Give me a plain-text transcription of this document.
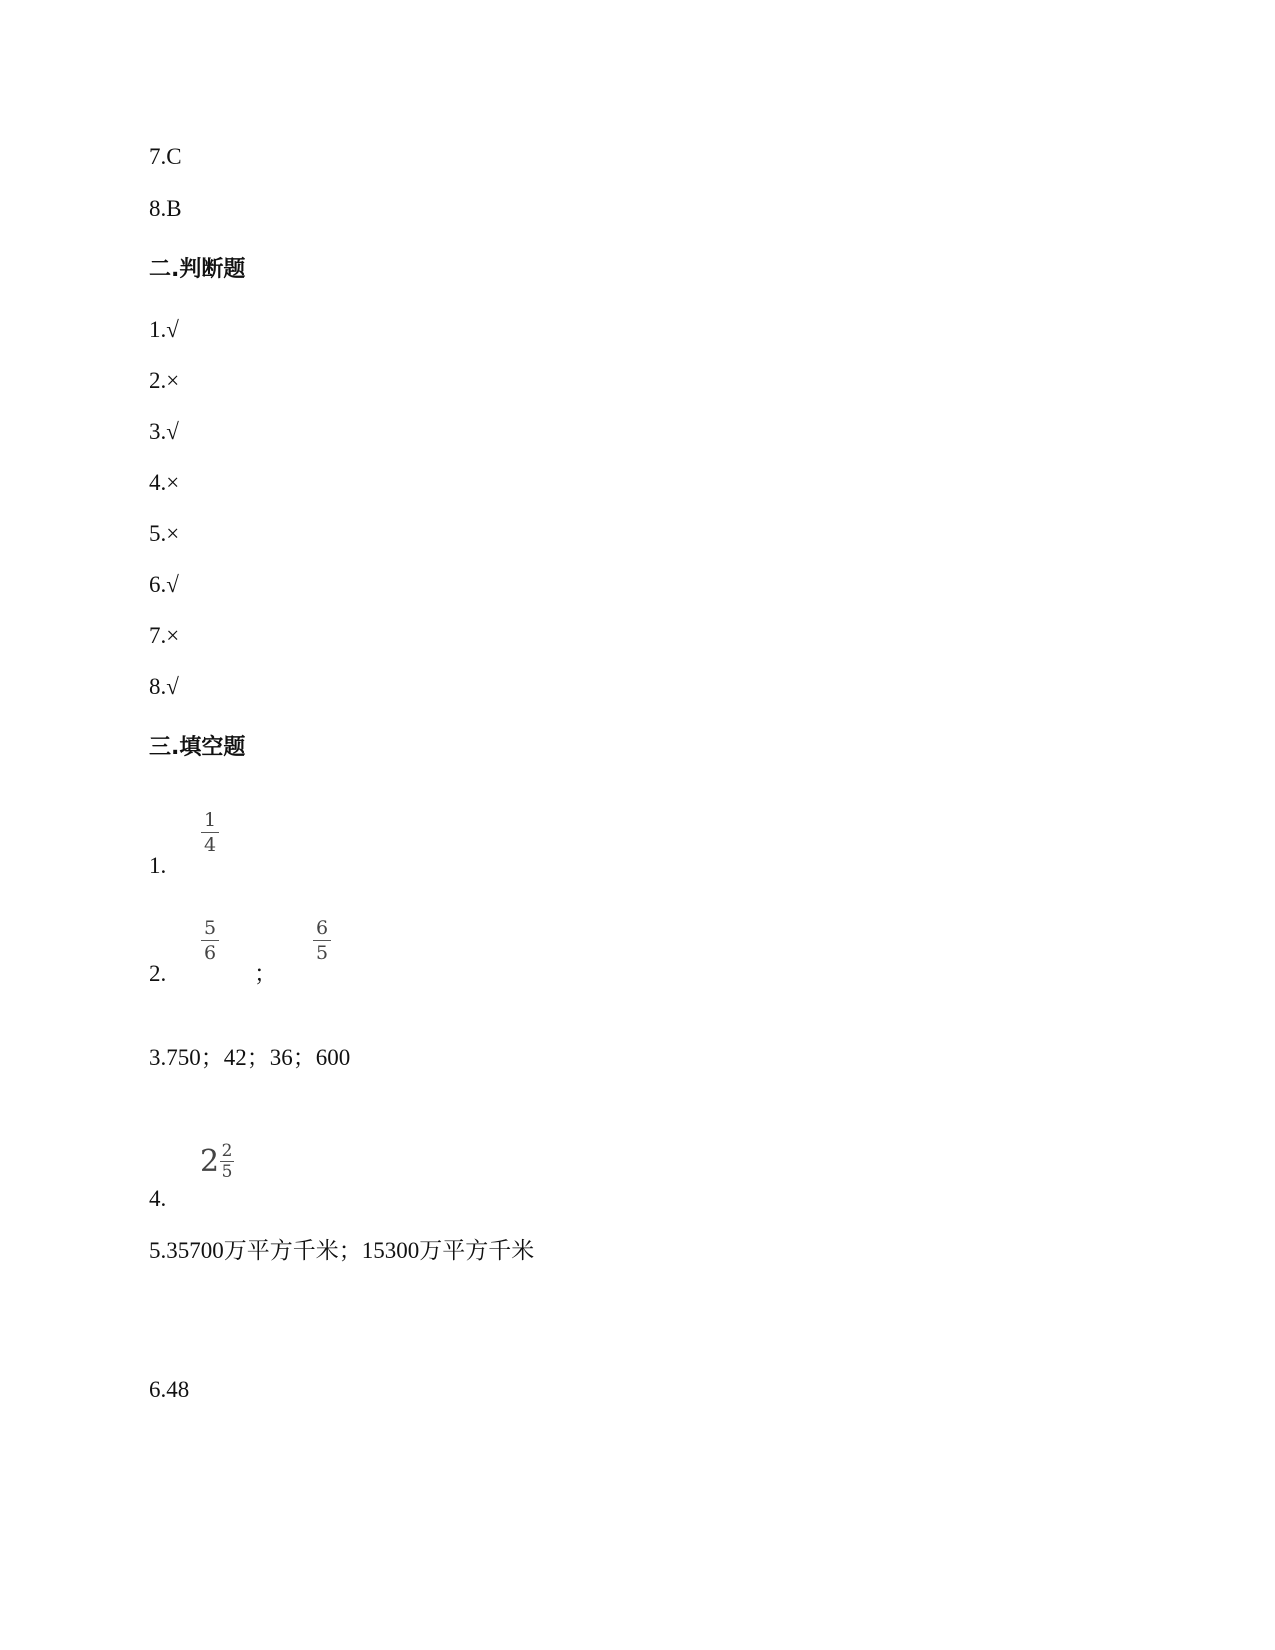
7.C
8.B
二.判断题
1.√
2.×
3.√
4.×
5.×
6.√
7.×
8.√
三.填空题
1.
1
4
2.
5
6
；
6
5
3.750；42；36；600
4.
$2 \frac{2}{5}$
5.35700万平方千米；15300万平方千米
6.48
